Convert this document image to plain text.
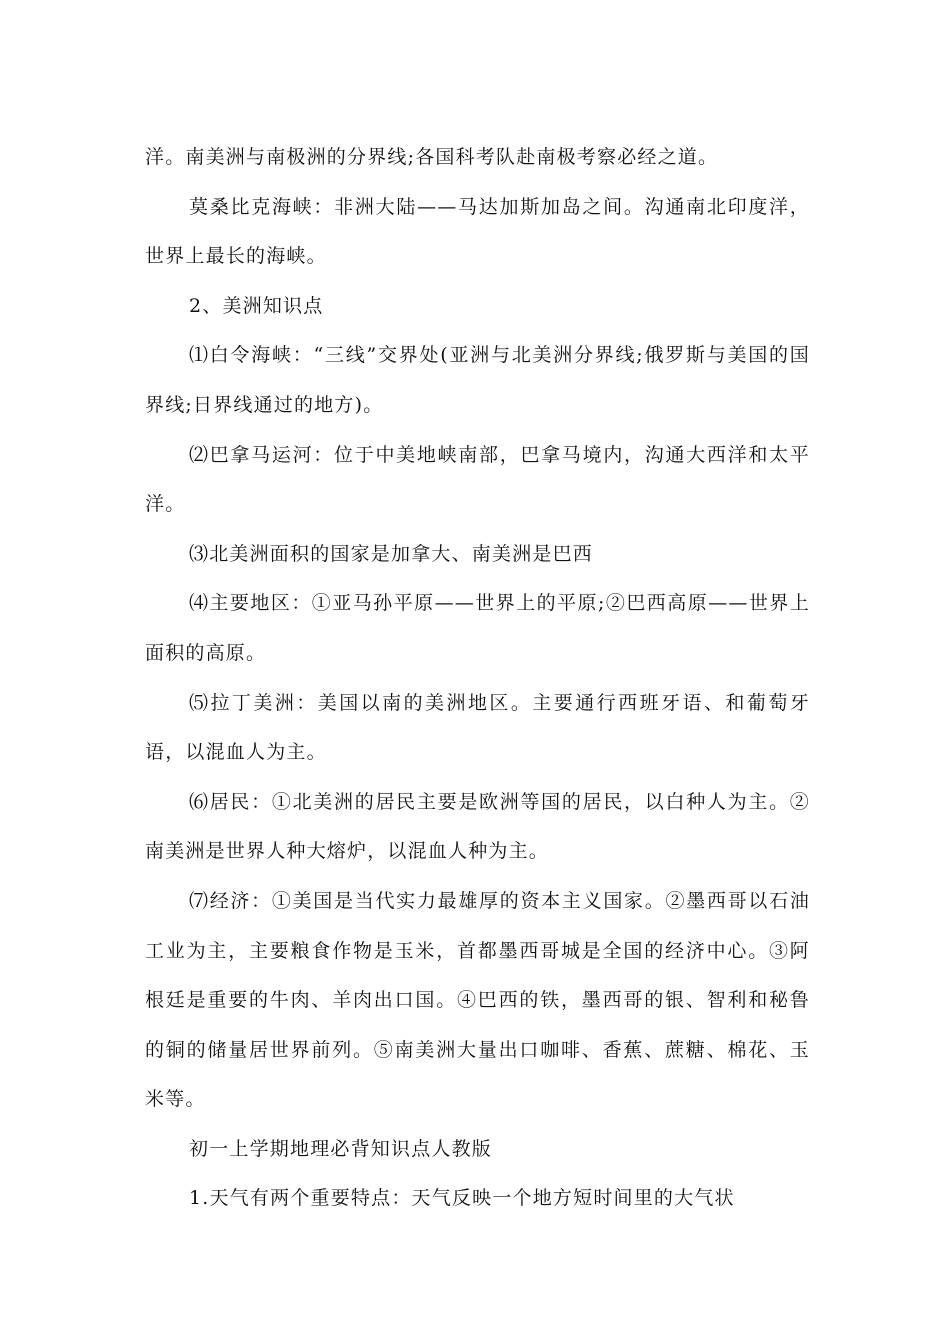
洋。南美洲与南极洲的分界线;各国科考队赴南极考察必经之道。

莫桑比克海峡：非洲大陆——马达加斯加岛之间。沟通南北印度洋，世界上最长的海峡。

2、美洲知识点

⑴白令海峡：“三线”交界处(亚洲与北美洲分界线;俄罗斯与美国的国界线;日界线通过的地方)。

⑵巴拿马运河：位于中美地峡南部，巴拿马境内，沟通大西洋和太平洋。

⑶北美洲面积的国家是加拿大、南美洲是巴西

⑷主要地区：①亚马孙平原——世界上的平原;②巴西高原——世界上面积的高原。

⑸拉丁美洲：美国以南的美洲地区。主要通行西班牙语、和葡萄牙语，以混血人为主。

⑹居民：①北美洲的居民主要是欧洲等国的居民，以白种人为主。②南美洲是世界人种大熔炉，以混血人种为主。

⑺经济：①美国是当代实力最雄厚的资本主义国家。②墨西哥以石油工业为主，主要粮食作物是玉米，首都墨西哥城是全国的经济中心。③阿根廷是重要的牛肉、羊肉出口国。④巴西的铁，墨西哥的银、智利和秘鲁的铜的储量居世界前列。⑤南美洲大量出口咖啡、香蕉、蔗糖、棉花、玉米等。

初一上学期地理必背知识点人教版

1.天气有两个重要特点：天气反映一个地方短时间里的大气状
